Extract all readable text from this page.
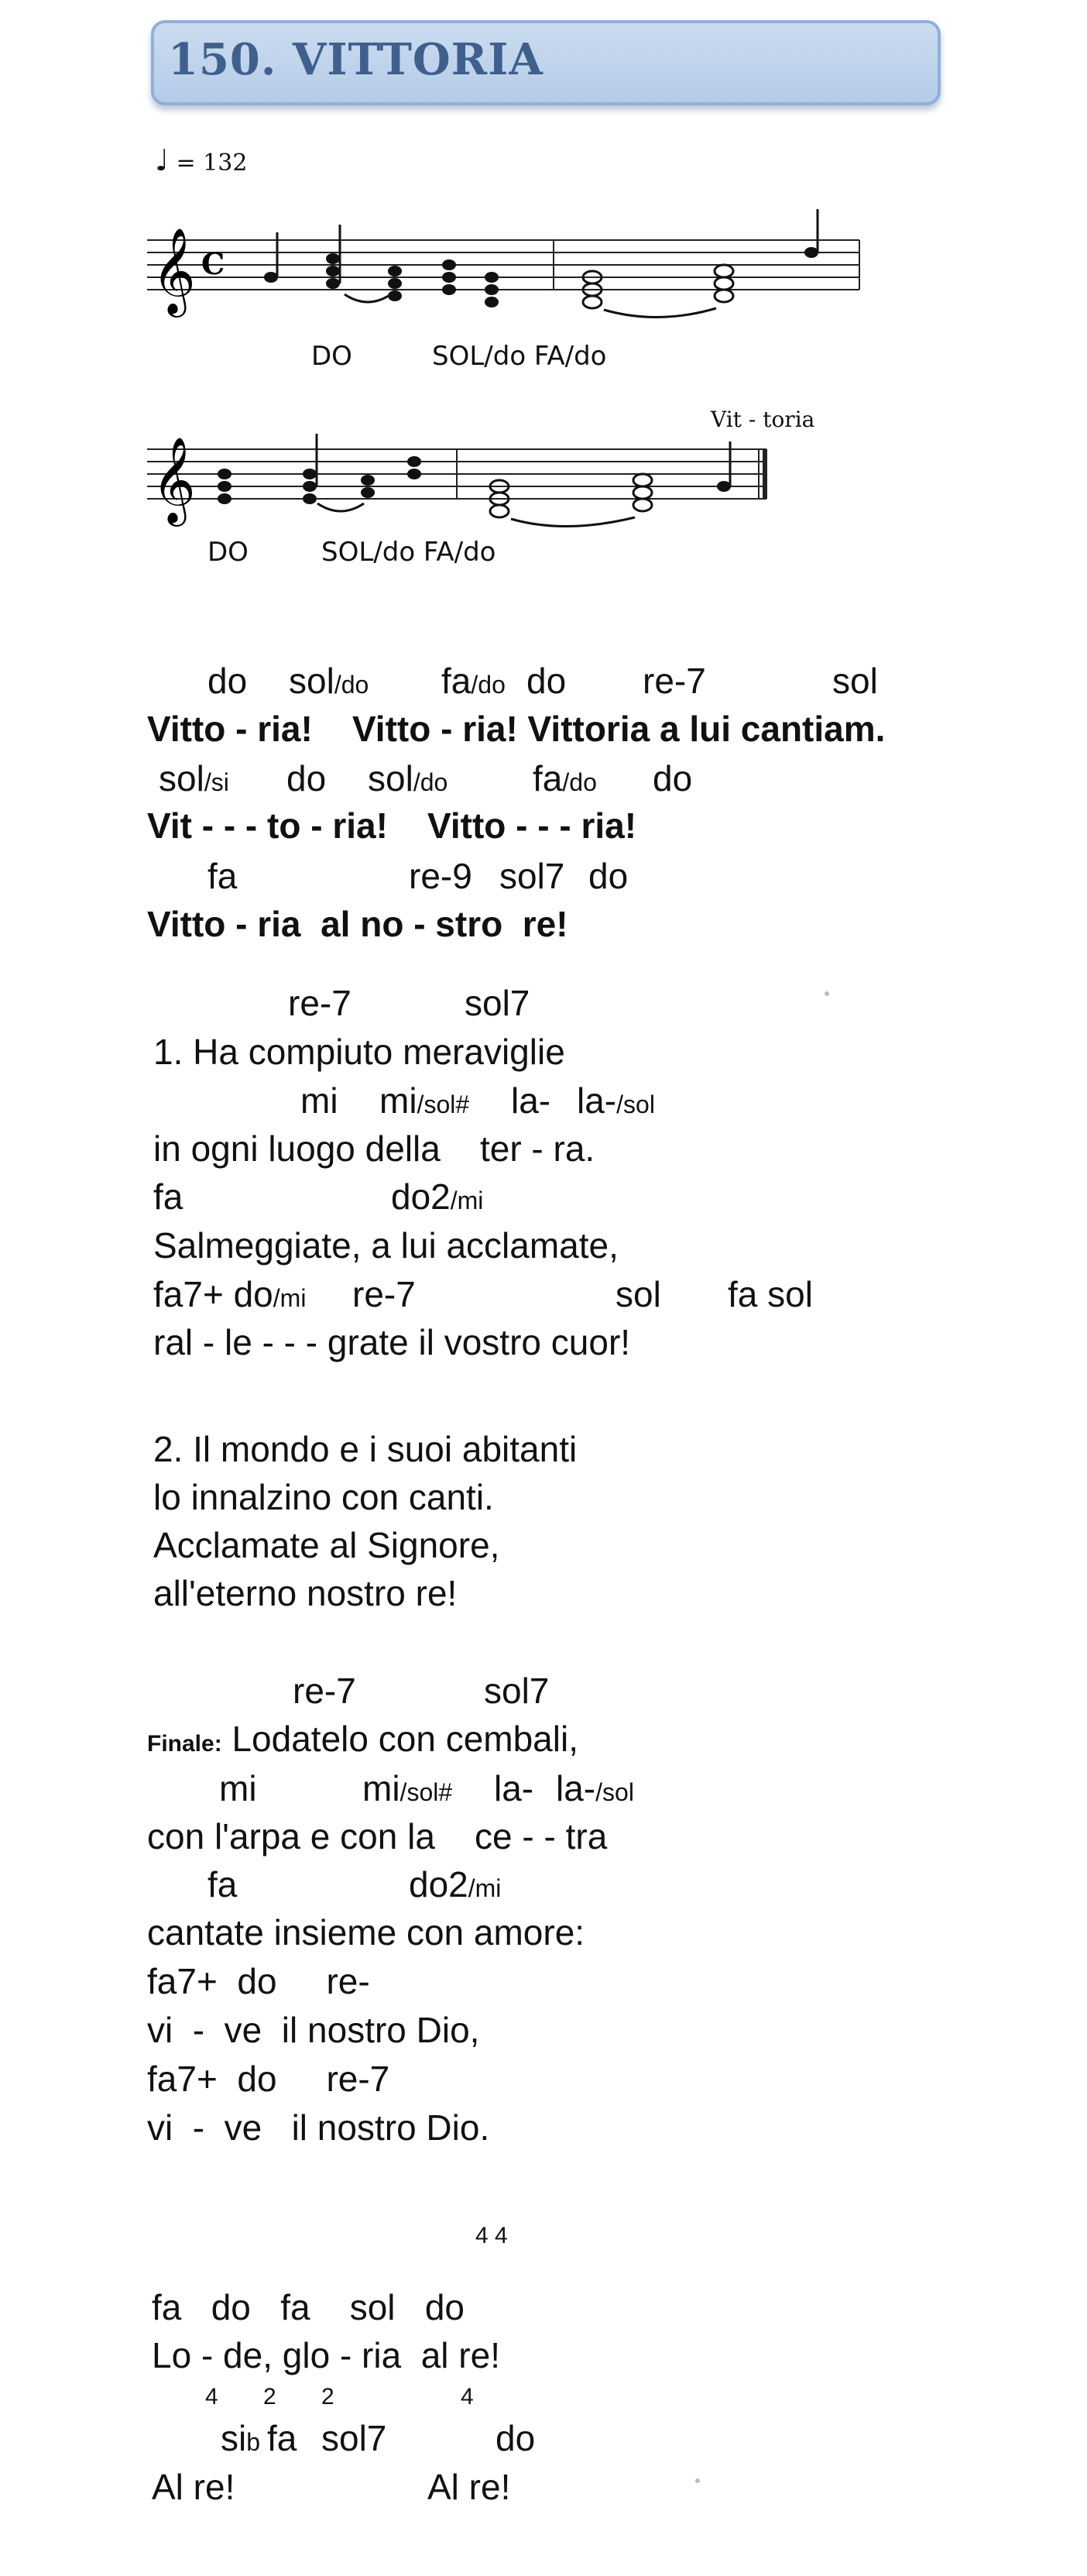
150. VITTORIA
♩ = 132
𝄞 C
DO	SOL/do FA/do
Vit - toria
𝄞
DO	SOL/do FA/do
do sol/do fa/do do re-7	sol
Vitto - ria!    Vitto - ria! Vittoria a lui cantiam.
sol/si do sol/do fa/do do
Vit - - - to - ria!    Vitto - - - ria!
fa	re-9 sol7 do
Vitto - ria  al no - stro  re!
re-7	sol7
1. Ha compiuto meraviglie
mi mi/sol# la- la-/sol
in ogni luogo della    ter - ra.
fa	do2/mi
Salmeggiate, a lui acclamate,
fa7+ do/mi re-7	sol fa sol
ral - le - - - grate il vostro cuor!
2. Il mondo e i suoi abitanti
lo innalzino con canti.
Acclamate al Signore,
all'eterno nostro re!
re-7	sol7
Finale: Lodatelo con cembali,
mi	mi/sol# la- la-/sol
con l'arpa e con la    ce - - tra
fa	do2/mi
cantate insieme con amore:
fa7+  do     re-
vi  -  ve  il nostro Dio,
fa7+  do     re-7
vi  -  ve   il nostro Dio.
4 4
fa   do   fa    sol   do
Lo - de, glo - ria  al re!
4 2 2	4
sib fa sol7	do
Al re!	Al re!
